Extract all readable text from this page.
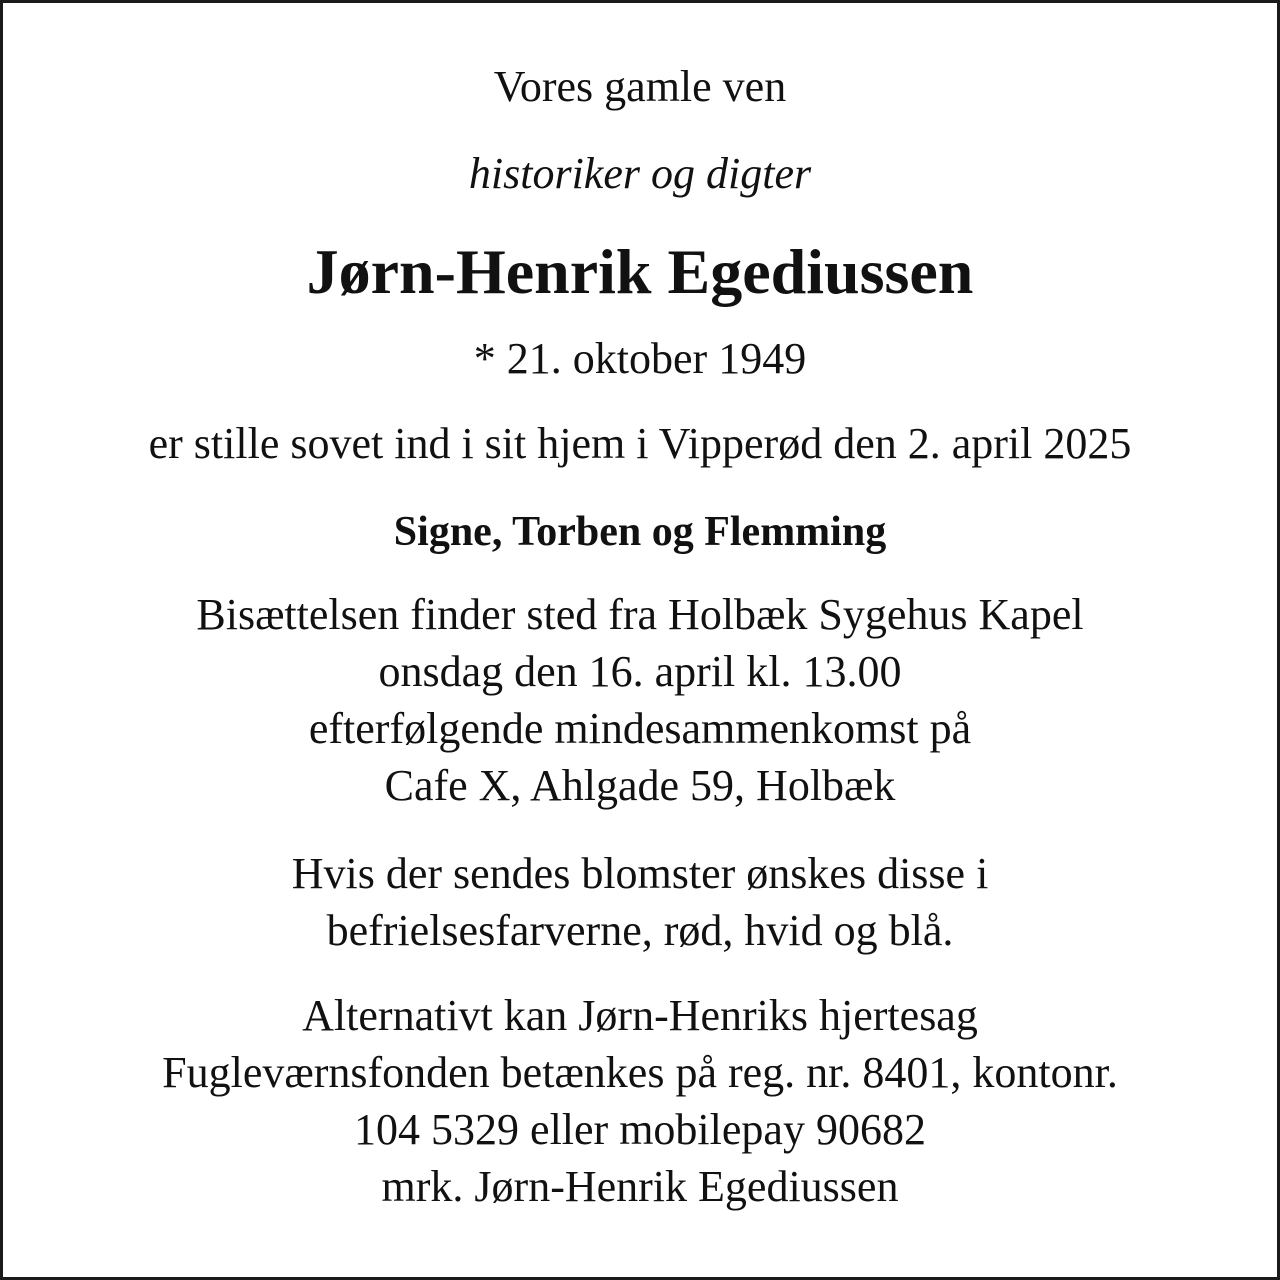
Vores gamle ven

historiker og digter

Jørn-Henrik Egediussen

* 21. oktober 1949

er stille sovet ind i sit hjem i Vipperød den 2. april 2025

Signe, Torben og Flemming

Bisættelsen finder sted fra Holbæk Sygehus Kapel
onsdag den 16. april kl. 13.00
efterfølgende mindesammenkomst på
Cafe X, Ahlgade 59, Holbæk
Hvis der sendes blomster ønskes disse i
befrielsesfarverne, rød, hvid og blå.
Alternativt kan Jørn-Henriks hjertesag
Fugleværnsfonden betænkes på reg. nr. 8401, kontonr.
104 5329 eller mobilepay 90682
mrk. Jørn-Henrik Egediussen
